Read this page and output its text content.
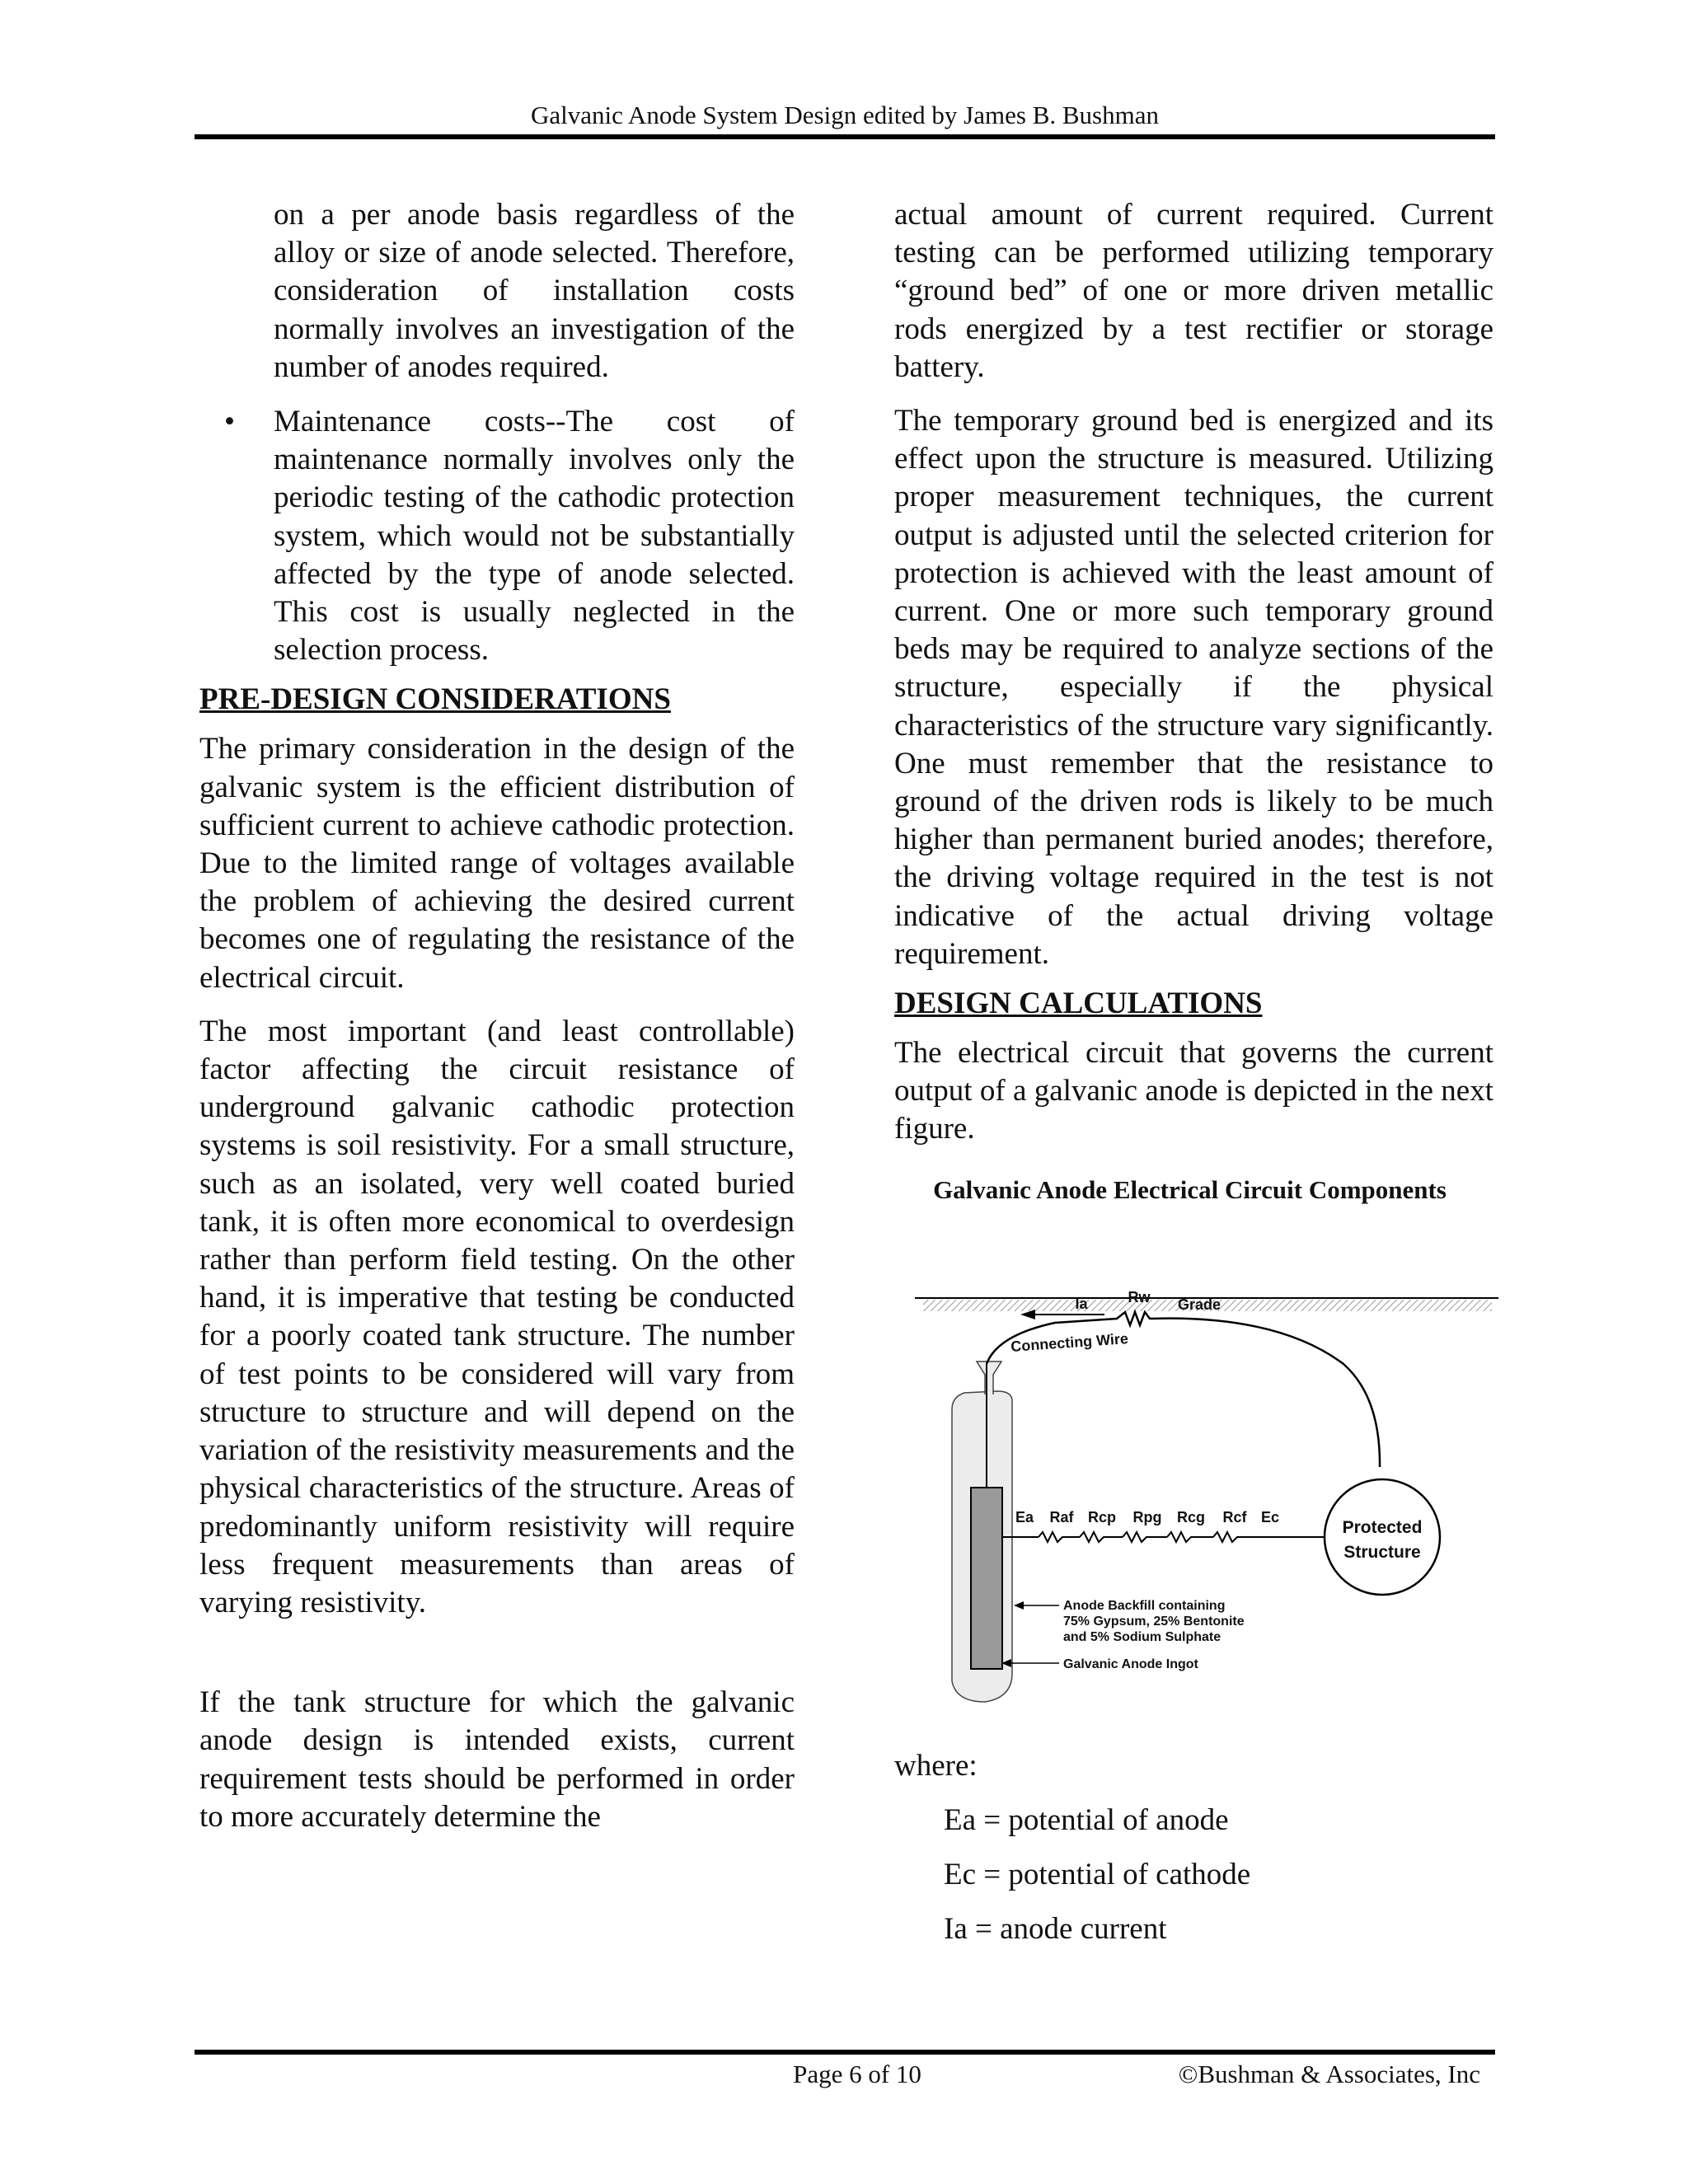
Galvanic Anode System Design edited by James B. Bushman

on a per anode basis regardless of the alloy or size of anode selected. Therefore, consideration of installation costs normally involves an investigation of the number of anodes required.

• Maintenance costs--The cost of maintenance normally involves only the periodic testing of the cathodic protection system, which would not be substantially affected by the type of anode selected. This cost is usually neglected in the selection process.

PRE-DESIGN CONSIDERATIONS

The primary consideration in the design of the galvanic system is the efficient distribution of sufficient current to achieve cathodic protection. Due to the limited range of voltages available the problem of achieving the desired current becomes one of regulating the resistance of the electrical circuit.

The most important (and least controllable) factor affecting the circuit resistance of underground galvanic cathodic protection systems is soil resistivity. For a small structure, such as an isolated, very well coated buried tank, it is often more economical to overdesign rather than perform field testing. On the other hand, it is imperative that testing be conducted for a poorly coated tank structure. The number of test points to be considered will vary from structure to structure and will depend on the variation of the resistivity measurements and the physical characteristics of the structure. Areas of predominantly uniform resistivity will require less frequent measurements than areas of varying resistivity.

If the tank structure for which the galvanic anode design is intended exists, current requirement tests should be performed in order to more accurately determine the

actual amount of current required. Current testing can be performed utilizing temporary “ground bed” of one or more driven metallic rods energized by a test rectifier or storage battery.

The temporary ground bed is energized and its effect upon the structure is measured. Utilizing proper measurement techniques, the current output is adjusted until the selected criterion for protection is achieved with the least amount of current. One or more such temporary ground beds may be required to analyze sections of the structure, especially if the physical characteristics of the structure vary significantly. One must remember that the resistance to ground of the driven rods is likely to be much higher than permanent buried anodes; therefore, the driving voltage required in the test is not indicative of the actual driving voltage requirement.

DESIGN CALCULATIONS

The electrical circuit that governs the current output of a galvanic anode is depicted in the next figure.

Galvanic Anode Electrical Circuit Components
Grade
Rw
Ia
Connecting Wire
Ea Raf Rcp Rpg Rcg Rcf Ec
Protected
Structure
Anode Backfill containing
75% Gypsum, 25% Bentonite
and 5% Sodium Sulphate
Galvanic Anode Ingot
where:
Ea = potential of anode
Ec = potential of cathode
Ia = anode current
Page 6 of 10	©Bushman & Associates, Inc
